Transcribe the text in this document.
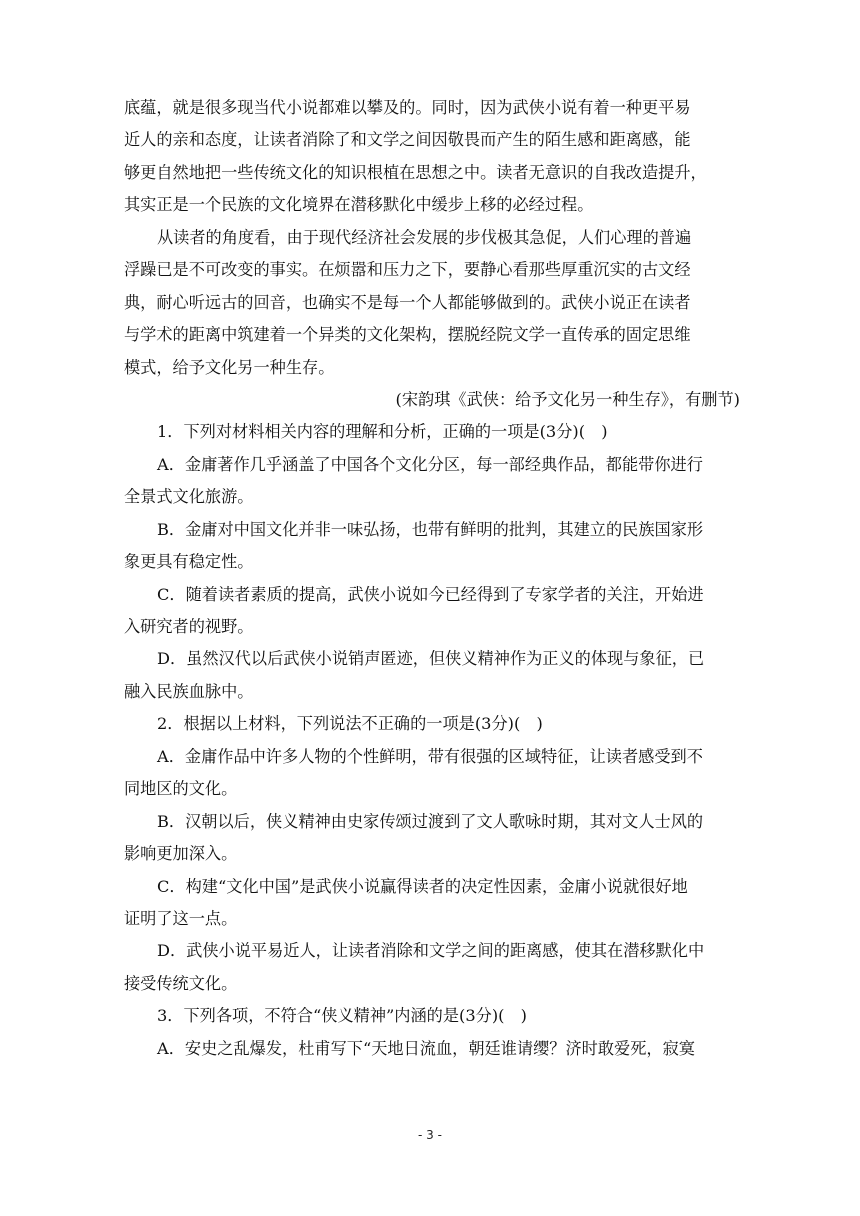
底蕴，就是很多现当代小说都难以攀及的。同时，因为武侠小说有着一种更平易
近人的亲和态度，让读者消除了和文学之间因敬畏而产生的陌生感和距离感，能
够更自然地把一些传统文化的知识根植在思想之中。读者无意识的自我改造提升，
其实正是一个民族的文化境界在潜移默化中缓步上移的必经过程。
从读者的角度看，由于现代经济社会发展的步伐极其急促，人们心理的普遍
浮躁已是不可改变的事实。在烦嚣和压力之下，要静心看那些厚重沉实的古文经
典，耐心听远古的回音，也确实不是每一个人都能够做到的。武侠小说正在读者
与学术的距离中筑建着一个异类的文化架构，摆脱经院文学一直传承的固定思维
模式，给予文化另一种生存。
(宋韵琪《武侠：给予文化另一种生存》，有删节)
1．下列对材料相关内容的理解和分析，正确的一项是(3分)(　)
A．金庸著作几乎涵盖了中国各个文化分区，每一部经典作品，都能带你进行
全景式文化旅游。
B．金庸对中国文化并非一味弘扬，也带有鲜明的批判，其建立的民族国家形
象更具有稳定性。
C．随着读者素质的提高，武侠小说如今已经得到了专家学者的关注，开始进
入研究者的视野。
D．虽然汉代以后武侠小说销声匿迹，但侠义精神作为正义的体现与象征，已
融入民族血脉中。
2．根据以上材料，下列说法不正确的一项是(3分)(　)
A．金庸作品中许多人物的个性鲜明，带有很强的区域特征，让读者感受到不
同地区的文化。
B．汉朝以后，侠义精神由史家传颂过渡到了文人歌咏时期，其对文人士风的
影响更加深入。
C．构建“文化中国”是武侠小说赢得读者的决定性因素，金庸小说就很好地
证明了这一点。
D．武侠小说平易近人，让读者消除和文学之间的距离感，使其在潜移默化中
接受传统文化。
3．下列各项，不符合“侠义精神”内涵的是(3分)(　)
A．安史之乱爆发，杜甫写下“天地日流血，朝廷谁请缨？济时敢爱死，寂寞
- 3 -
